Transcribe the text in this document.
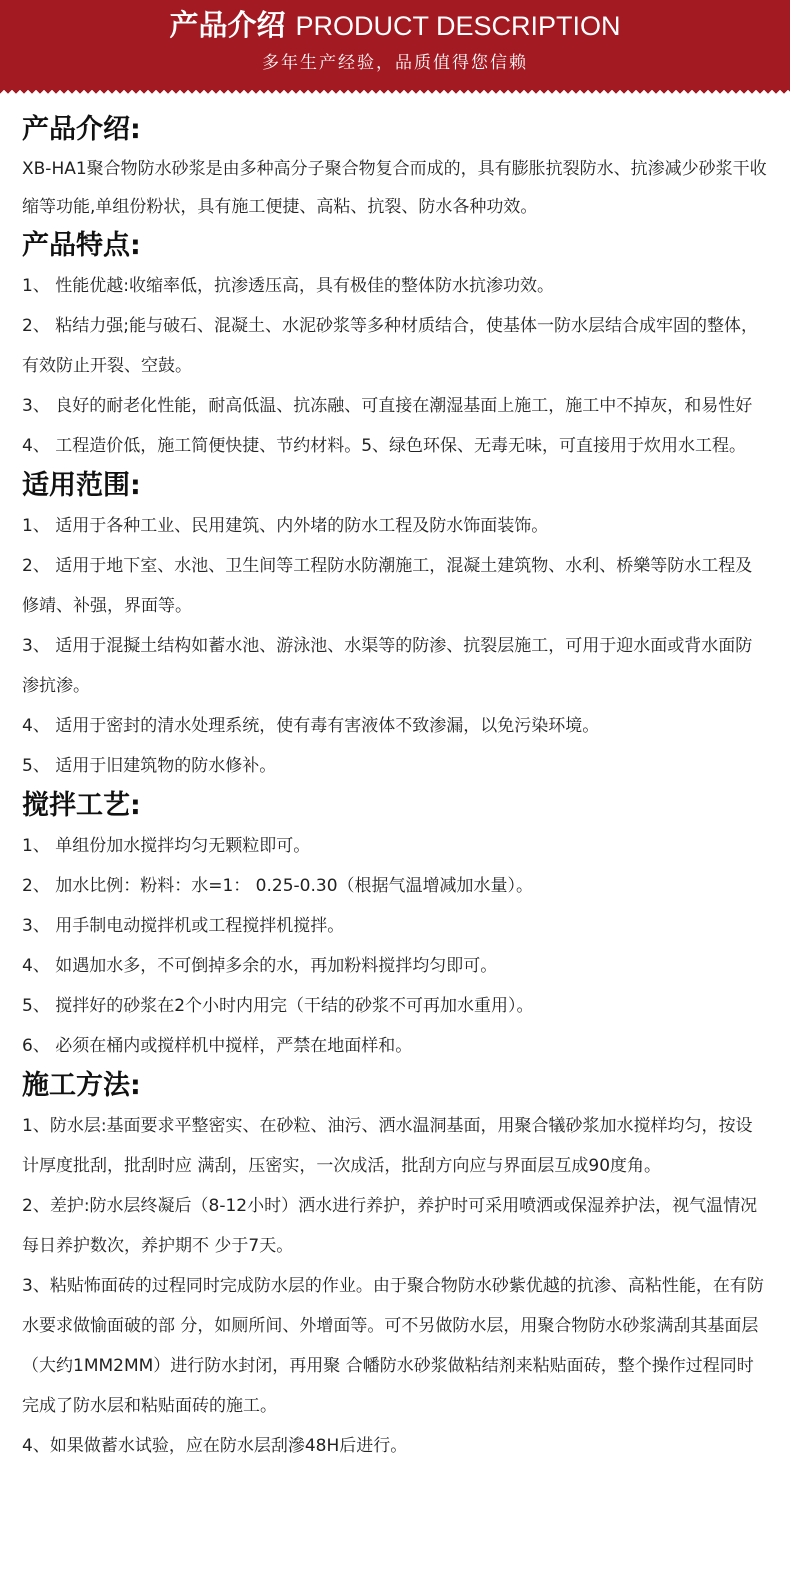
产品介绍 PRODUCT DESCRIPTION
多年生产经验，品质值得您信赖
产品介绍:

XB-HA1聚合物防水砂浆是由多种高分子聚合物复合而成的，具有膨胀抗裂防水、抗渗减少砂浆干收缩等功能,单组份粉状，具有施工便捷、高粘、抗裂、防水各种功效。

产品特点:

1、 性能优越:收缩率低，抗渗透压高，具有极佳的整体防水抗渗功效。

2、 粘结力强;能与破石、混凝土、水泥砂浆等多种材质结合，使基体一防水层结合成牢固的整体，有效防止开裂、空鼓。

3、 良好的耐老化性能，耐高低温、抗冻融、可直接在潮湿基面上施工，施工中不掉灰，和易性好

4、 工程造价低，施工简便快捷、节约材料。5、绿色环保、无毒无味，可直接用于炊用水工程。

适用范围:

1、 适用于各种工业、民用建筑、内外堵的防水工程及防水饰面装饰。

2、 适用于地下室、水池、卫生间等工程防水防潮施工，混凝土建筑物、水利、桥樂等防水工程及修靖、补强，界面等。

3、 适用于混擬土结构如蓄水池、游泳池、水渠等的防渗、抗裂层施工，可用于迎水面或背水面防渗抗渗。

4、 适用于密封的清水处理系统，使有毒有害液体不致渗漏，以免污染环境。

5、 适用于旧建筑物的防水修补。

搅拌工艺:

1、 单组份加水搅拌均匀无颗粒即可。

2、 加水比例：粉料：水=1： 0.25-0.30（根据气温增减加水量）。

3、 用手制电动搅拌机或工程搅拌机搅拌。

4、 如遇加水多，不可倒掉多余的水，再加粉料搅拌均匀即可。

5、 搅拌好的砂浆在2个小时内用完（干结的砂浆不可再加水重用）。

6、 必须在桶内或搅样机中搅样，严禁在地面样和。

施工方法:

1、防水层:基面要求平整密实、在砂粒、油污、洒水温洞基面，用聚合犠砂浆加水搅样均匀，按设计厚度批刮，批刮时应 满刮，压密实，一次成活，批刮方向应与界面层互成90度角。

2、差护:防水层终凝后（8-12小时）洒水进行养护，养护时可采用喷洒或保湿养护法，视气温情况每日养护数次，养护期不 少于7天。

3、粘贴怖面砖的过程同时完成防水层的作业。由于聚合物防水砂紫优越的抗渗、高粘性能，在有防水要求做愉面破的部 分，如厕所间、外增面等。可不另做防水层，用聚合物防水砂浆满刮其基面层（大约1MM2MM）进行防水封闭，再用聚 合幡防水砂浆做粘结剂来粘贴面砖，整个操作过程同时完成了防水层和粘贴面砖的施工。

4、如果做蓄水试验，应在防水层刮滲48H后进行。
